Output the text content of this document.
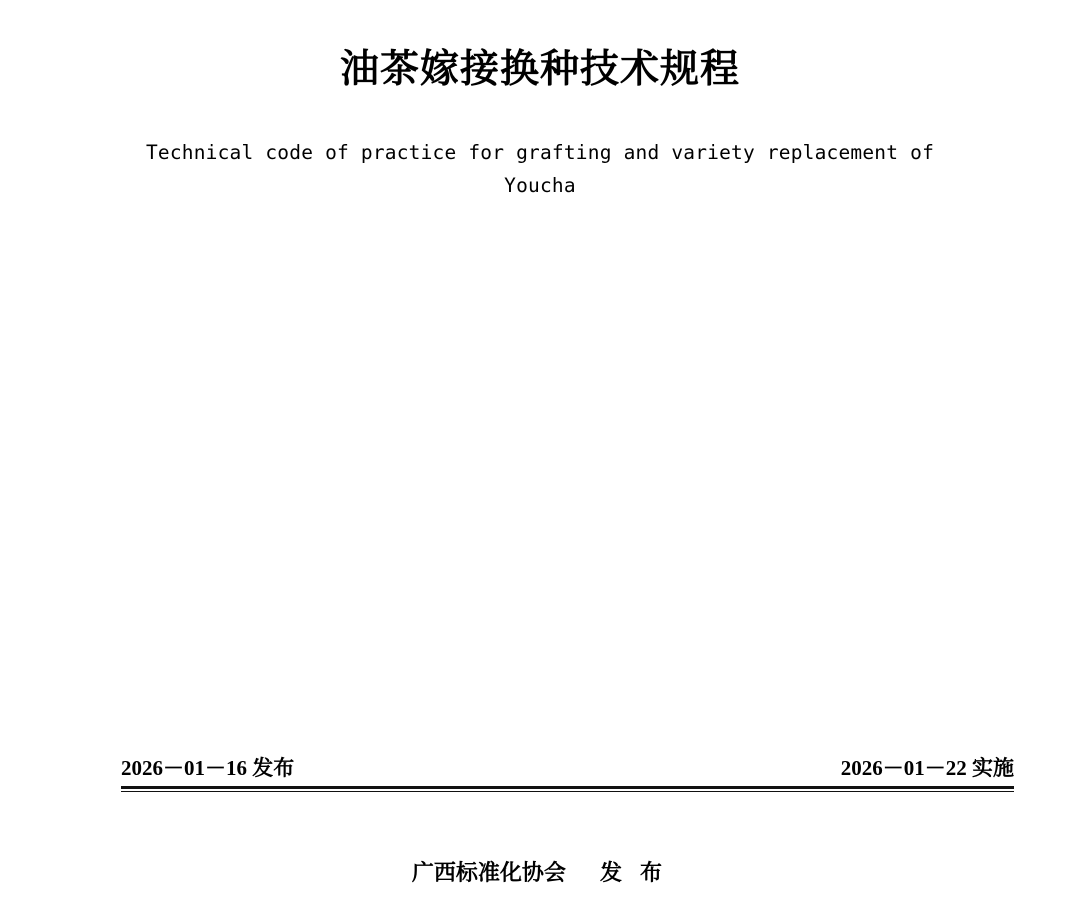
油茶嫁接换种技术规程
Technical code of practice for grafting and variety replacement of Youcha
2026－01－16 发布	2026－01－22 实施
广西标准化协会 发 布
